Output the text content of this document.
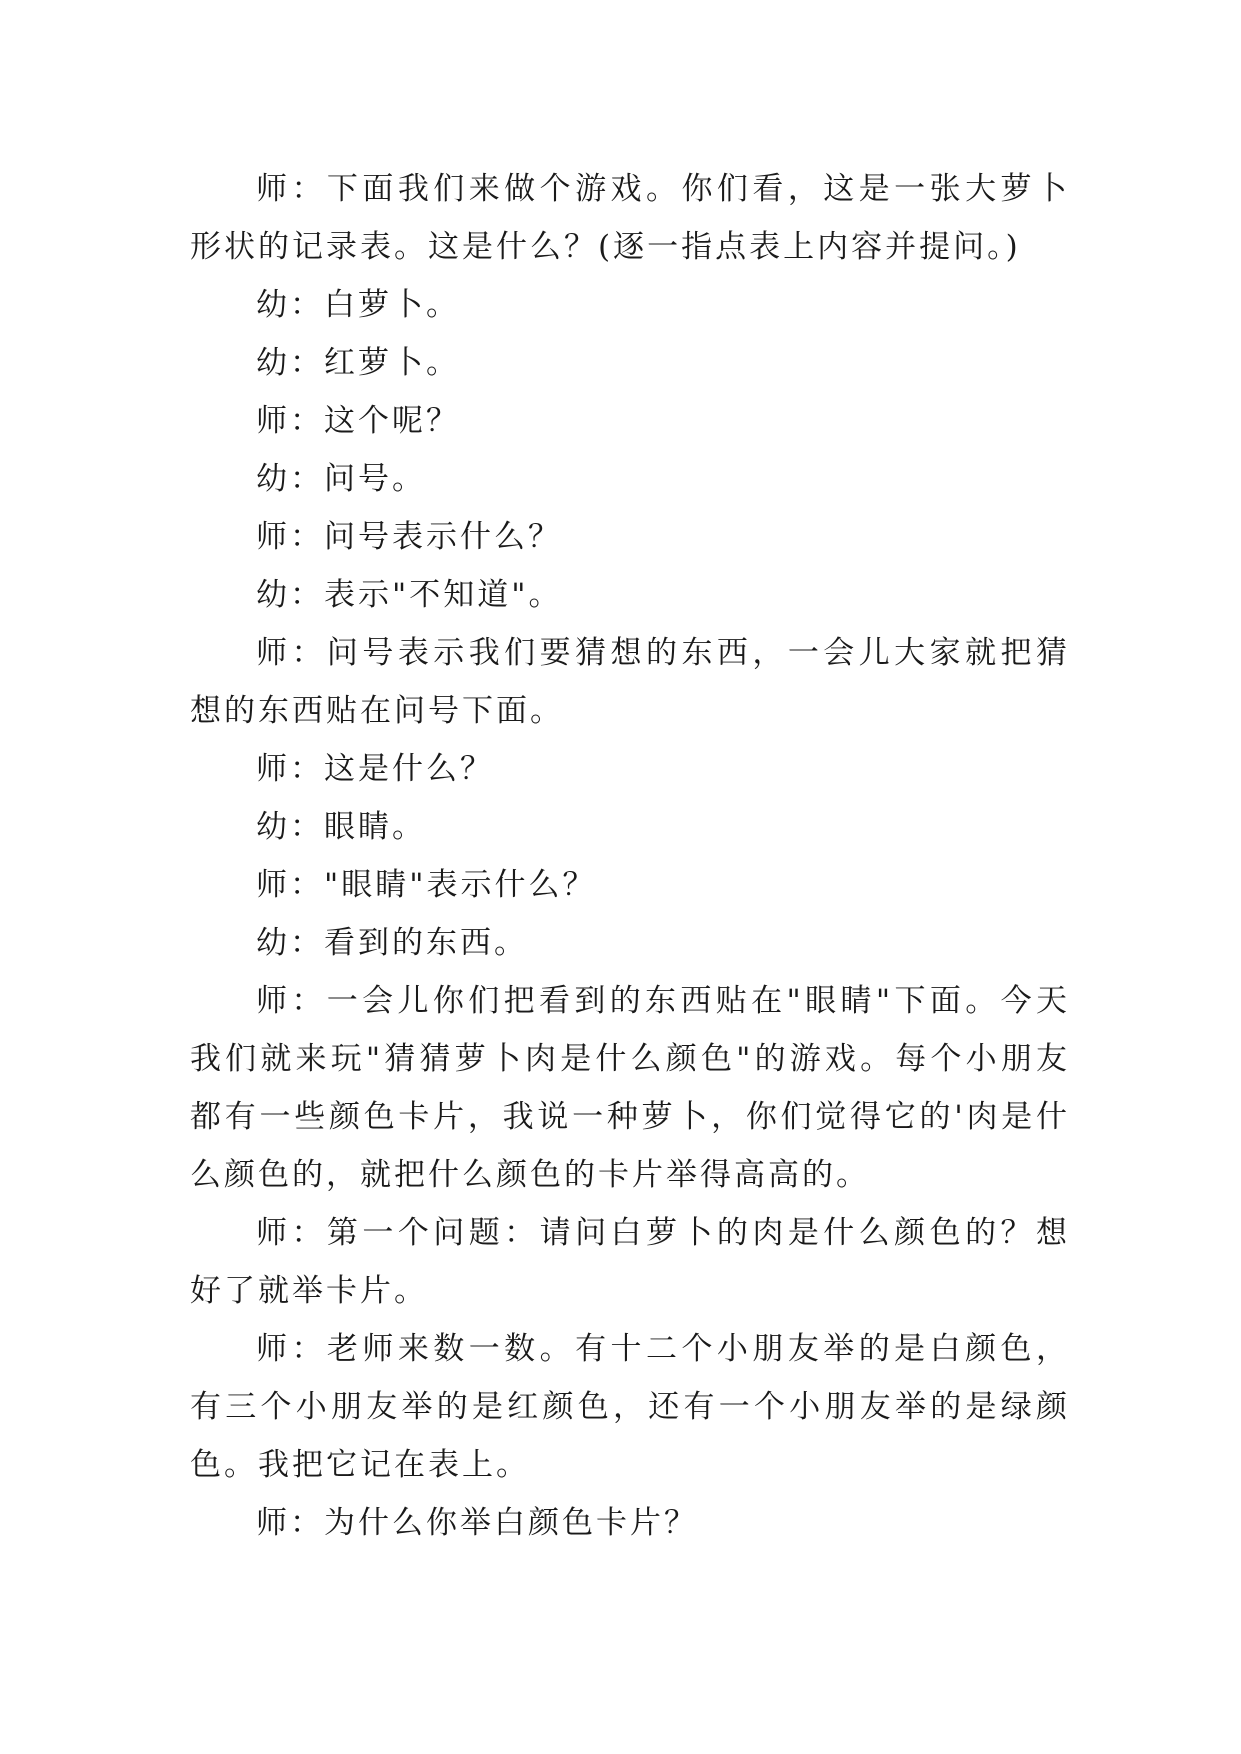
师：下面我们来做个游戏。你们看，这是一张大萝卜形状的记录表。这是什么？(逐一指点表上内容并提问。)

幼：白萝卜。

幼：红萝卜。

师：这个呢？

幼：问号。

师：问号表示什么？

幼：表示"不知道"。

师：问号表示我们要猜想的东西，一会儿大家就把猜想的东西贴在问号下面。

师：这是什么？

幼：眼睛。

师："眼睛"表示什么？

幼：看到的东西。

师：一会儿你们把看到的东西贴在"眼睛"下面。今天我们就来玩"猜猜萝卜肉是什么颜色"的游戏。每个小朋友都有一些颜色卡片，我说一种萝卜，你们觉得它的'肉是什么颜色的，就把什么颜色的卡片举得高高的。

师：第一个问题：请问白萝卜的肉是什么颜色的？想好了就举卡片。

师：老师来数一数。有十二个小朋友举的是白颜色，有三个小朋友举的是红颜色，还有一个小朋友举的是绿颜色。我把它记在表上。

师：为什么你举白颜色卡片？
